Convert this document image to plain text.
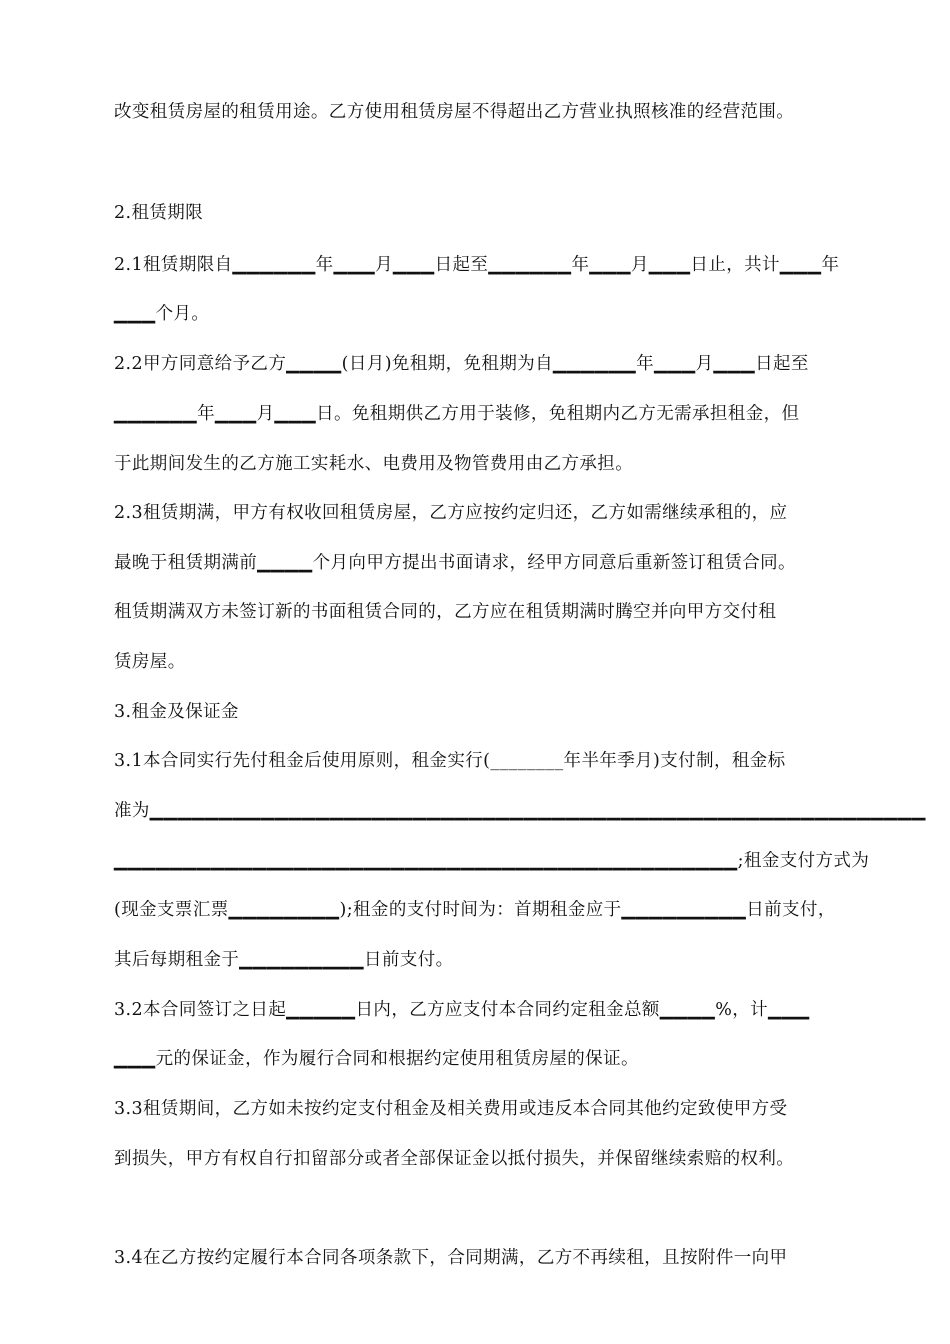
改变租赁房屋的租赁用途。乙方使用租赁房屋不得超出乙方营业执照核准的经营范围。

2.租赁期限

2.1租赁期限自▁▁▁▁▁▁年▁▁▁月▁▁▁日起至▁▁▁▁▁▁年▁▁▁月▁▁▁日止，共计▁▁▁年

▁▁▁个月。

2.2甲方同意给予乙方▁▁▁▁(日月)免租期，免租期为自▁▁▁▁▁▁年▁▁▁月▁▁▁日起至

▁▁▁▁▁▁年▁▁▁月▁▁▁日。免租期供乙方用于装修，免租期内乙方无需承担租金，但

于此期间发生的乙方施工实耗水、电费用及物管费用由乙方承担。

2.3租赁期满，甲方有权收回租赁房屋，乙方应按约定归还，乙方如需继续承租的，应

最晚于租赁期满前▁▁▁▁个月向甲方提出书面请求，经甲方同意后重新签订租赁合同。

租赁期满双方未签订新的书面租赁合同的，乙方应在租赁期满时腾空并向甲方交付租

赁房屋。

3.租金及保证金

3.1本合同实行先付租金后使用原则，租金实行(________年半年季月)支付制，租金标

准为▁▁▁▁▁▁▁▁▁▁▁▁▁▁▁▁▁▁▁▁▁▁▁▁▁▁▁▁▁▁▁▁▁▁▁▁▁▁▁▁▁▁▁▁▁▁▁▁▁▁▁▁▁▁▁▁

▁▁▁▁▁▁▁▁▁▁▁▁▁▁▁▁▁▁▁▁▁▁▁▁▁▁▁▁▁▁▁▁▁▁▁▁▁▁▁▁▁▁▁▁▁;租金支付方式为

(现金支票汇票▁▁▁▁▁▁▁▁);租金的支付时间为：首期租金应于▁▁▁▁▁▁▁▁▁日前支付，

其后每期租金于▁▁▁▁▁▁▁▁▁日前支付。

3.2本合同签订之日起▁▁▁▁▁日内，乙方应支付本合同约定租金总额▁▁▁▁%，计▁▁▁

▁▁▁元的保证金，作为履行合同和根据约定使用租赁房屋的保证。

3.3租赁期间，乙方如未按约定支付租金及相关费用或违反本合同其他约定致使甲方受

到损失，甲方有权自行扣留部分或者全部保证金以抵付损失，并保留继续索赔的权利。

3.4在乙方按约定履行本合同各项条款下，合同期满，乙方不再续租，且按附件一向甲
